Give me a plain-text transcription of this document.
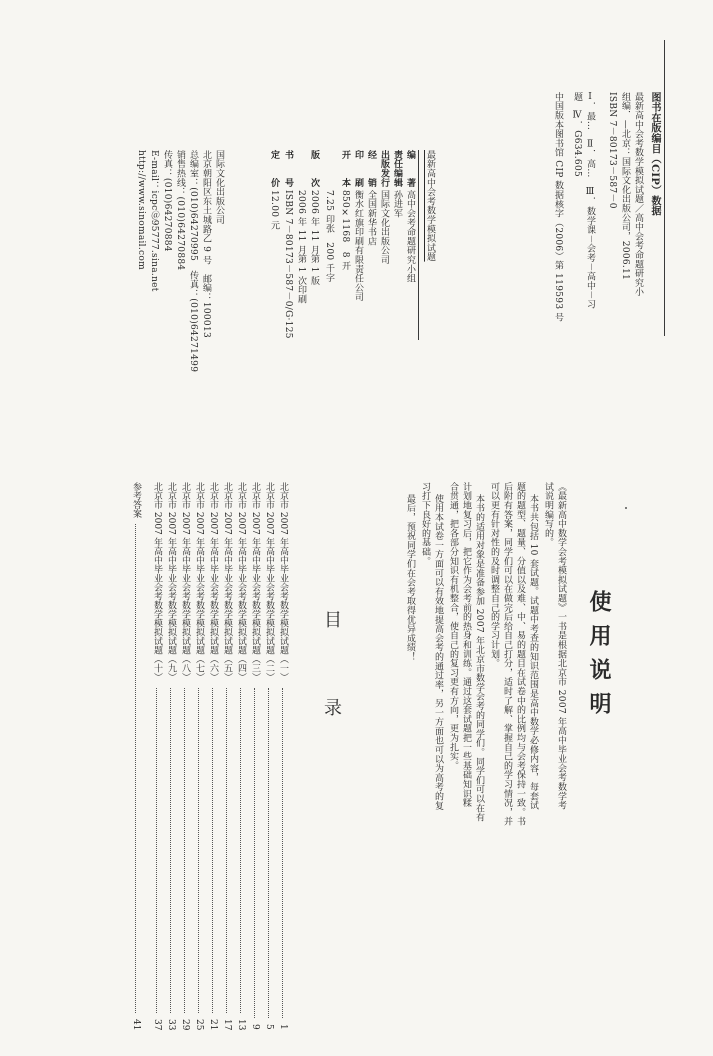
图书在版编目（CIP）数据
最新高中会考数学模拟试题／高中会考命题研究小
组编．—北京：国际文化出版公司，2006.11
ISBN 7－80173－587－0
Ⅰ．最…　Ⅱ．高…　Ⅲ．数学课－会考－高中－习
题　Ⅳ．G634.605
中国版本图书馆 CIP 数据核字（2006）第 119593 号
最新高中会考数学模拟试题
编　　著
高中会考命题研究小组
责任编辑
孙进军
出版发行
国际文化出版公司
经　　销
全国新华书店
印　　刷
衡水红旗印刷有限责任公司
开　　本
850×1168　8 开
7.25 印张　200 千字
版　　次
2006 年 11 月第 1 版
2006 年 11 月第 1 次印刷
书　　号
ISBN 7－80173－587－0/G·125
定　　价
12.00 元
国际文化出版公司
北京朝阳区东土城路乙 9 号　邮编：100013
总编室：(010)64270995　传真：(010)64271499
销售热线：(010)64270884
传真：(010)64270884
E-mail：icpc＠95777.sina.net
http://www.sinomail.com
使用说明
《最新高中数学会考模拟试题》一书是根据北京市 2007 年高中毕业会考数学考
试说明编写的。
本书共包括 10 套试题。试题中考查的知识范围是高中数学必修内容，每套试
题的题型、题量、分值以及难、中、易的题目在试卷中的比例均与会考保持一致。书
后附有答案，同学们可以在做完后给自己打分，适时了解、掌握自己的学习情况，并
可以更有针对性的及时调整自己的学习计划。
本书的适用对象是准备参加 2007 年北京市数学会考的同学们。同学们可以在有
计划地复习后，把它作为会考前的热身和训练。通过这套试题把一些基础知识糅
合贯通，把各部分知识有机整合，使自己的复习更有方向，更为扎实。
使用本试卷一方面可以有效地提高会考的通过率，另一方面也可以为高考的复
习打下良好的基础。
最后，预祝同学们在会考取得优异成绩！
目　录
北京市 2007 年高中毕业会考数学模拟试题（一）
1
北京市 2007 年高中毕业会考数学模拟试题（二）
5
北京市 2007 年高中毕业会考数学模拟试题（三）
9
北京市 2007 年高中毕业会考数学模拟试题（四）
13
北京市 2007 年高中毕业会考数学模拟试题（五）
17
北京市 2007 年高中毕业会考数学模拟试题（六）
21
北京市 2007 年高中毕业会考数学模拟试题（七）
25
北京市 2007 年高中毕业会考数学模拟试题（八）
29
北京市 2007 年高中毕业会考数学模拟试题（九）
33
北京市 2007 年高中毕业会考数学模拟试题（十）
37
参考答案
41
